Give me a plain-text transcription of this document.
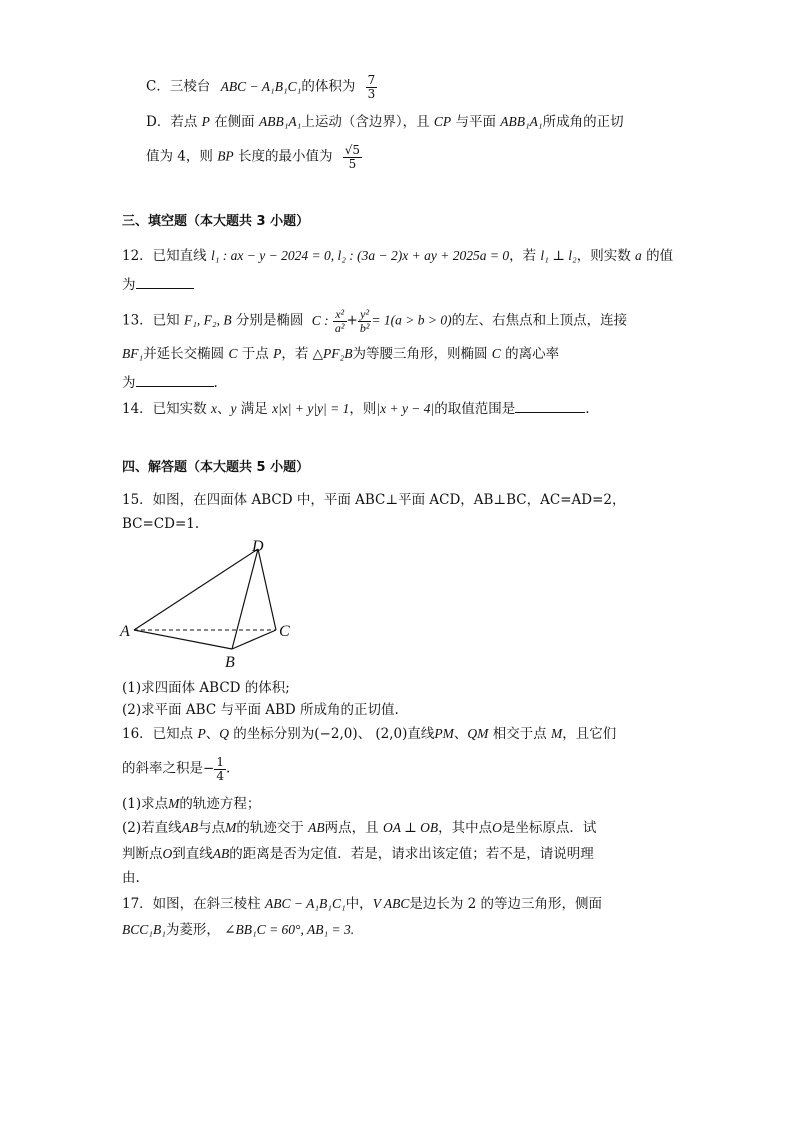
C．三棱台 ABC − A₁B₁C₁的体积为 $\frac{7}{3}$
D．若点 P 在侧面 ABB₁A₁上运动（含边界），且 CP 与平面 ABB₁A₁所成角的正切
值为 4，则 BP 长度的最小值为 $\frac{√5}{5}$
三、填空题（本大题共 3 小题）
12．已知直线 l₁ : ax − y − 2024 = 0, l₂ : (3a − 2)x + ay + 2025a = 0，若 l₁ ⊥ l₂，则实数 a 的值
为
13．已知 F₁, F₂, B 分别是椭圆 C : $\frac{\text{x²}}{\text{a²}} + \frac{\text{y²}}{\text{b²}} = 1(a > b > 0)$的左、右焦点和上顶点，连接
BF₁并延长交椭圆 C 于点 P，若 △PF₂B为等腰三角形，则椭圆 C 的离心率
为	.
14．已知实数 x、y 满足 x|x| + y|y| = 1，则|x + y − 4|的取值范围是	.
四、解答题（本大题共 5 小题）
15．如图，在四面体 ABCD 中，平面 ABC⊥平面 ACD，AB⊥BC，AC=AD=2，
BC=CD=1.
A
B
C
D
(1)求四面体 ABCD 的体积;
(2)求平面 ABC 与平面 ABD 所成角的正切值.
16．已知点 P、Q 的坐标分别为(−2,0)、 (2,0)直线PM、QM 相交于点 M，且它们
的斜率之积是− $\frac{1}{4}$ .
(1)求点M的轨迹方程；
(2)若直线AB与点M的轨迹交于 AB两点，且 OA ⊥ OB，其中点O是坐标原点．试
判断点O到直线AB的距离是否为定值．若是，请求出该定值；若不是，请说明理
由.
17．如图，在斜三棱柱 ABC − A₁B₁C₁中，V ABC是边长为 2 的等边三角形，侧面
BCC₁B₁为菱形， ∠BB₁C = 60°, AB₁ = 3.
